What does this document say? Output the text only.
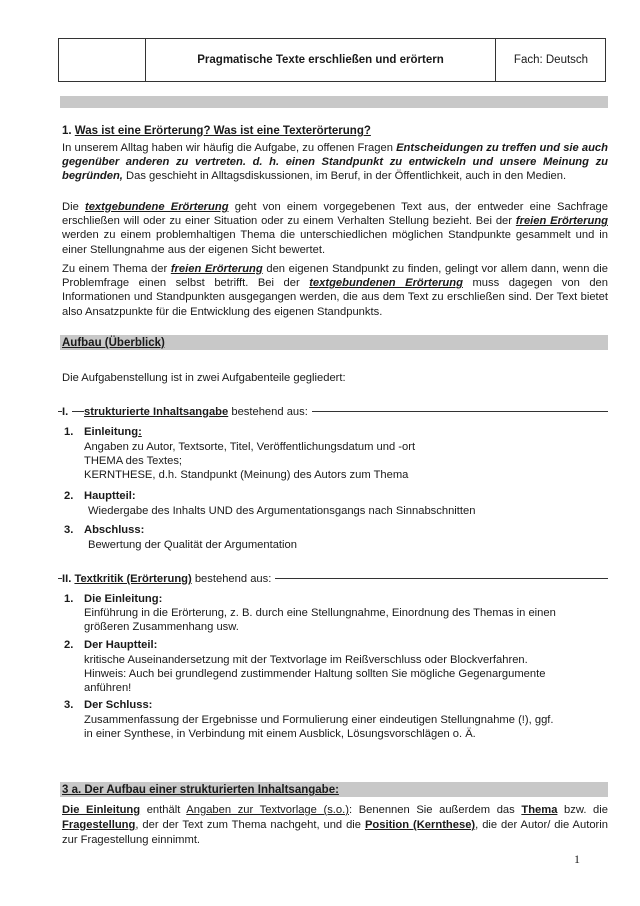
Pragmatische Texte erschließen und erörtern	Fach: Deutsch
1. Was ist eine Erörterung? Was ist eine Texterörterung?

In unserem Alltag haben wir häufig die Aufgabe, zu offenen Fragen Entscheidungen zu treffen und sie auch gegenüber anderen zu vertreten. d. h. einen Standpunkt zu entwickeln und unsere Meinung zu begründen, Das geschieht in Alltagsdiskussionen, im Beruf, in der Öffentlichkeit, auch in den Medien.

Die textgebundene Erörterung geht von einem vorgegebenen Text aus, der entweder eine Sachfrage erschließen will oder zu einer Situation oder zu einem Verhalten Stellung bezieht. Bei der freien Erörterung werden zu einem problemhaltigen Thema die unterschiedlichen möglichen Standpunkte gesammelt und in einer Stellungnahme aus der eigenen Sicht bewertet.

Zu einem Thema der freien Erörterung den eigenen Standpunkt zu finden, gelingt vor allem dann, wenn die Problemfrage einen selbst betrifft. Bei der textgebundenen Erörterung muss dagegen von den Informationen und Standpunkten ausgegangen werden, die aus dem Text zu erschließen sind. Der Text bietet also Ansatzpunkte für die Entwicklung des eigenen Standpunkts.

Aufbau (Überblick)
Die Aufgabenstellung ist in zwei Aufgabenteile gegliedert:
I.	strukturierte Inhaltsangabe bestehend aus:
1. Einleitung:
Angaben zu Autor, Textsorte, Titel, Veröffentlichungsdatum und -ort
THEMA des Textes;
KERNTHESE, d.h. Standpunkt (Meinung) des Autors zum Thema
2. Hauptteil:
Wiedergabe des Inhalts UND des Argumentationsgangs nach Sinnabschnitten
3. Abschluss:
Bewertung der Qualität der Argumentation
II. Textkritik (Erörterung) bestehend aus:
1. Die Einleitung:
Einführung in die Erörterung, z. B. durch eine Stellungnahme, Einordnung des Themas in einen
größeren Zusammenhang usw.
2. Der Hauptteil:
kritische Auseinandersetzung mit der Textvorlage im Reißverschluss oder Blockverfahren.
Hinweis: Auch bei grundlegend zustimmender Haltung sollten Sie mögliche Gegenargumente
anführen!
3. Der Schluss:
Zusammenfassung der Ergebnisse und Formulierung einer eindeutigen Stellungnahme (!), ggf.
in einer Synthese, in Verbindung mit einem Ausblick, Lösungsvorschlägen o. Ä.
3 a. Der Aufbau einer strukturierten Inhaltsangabe:

Die Einleitung enthält Angaben zur Textvorlage (s.o.): Benennen Sie außerdem das Thema bzw. die Fragestellung, der der Text zum Thema nachgeht, und die Position (Kernthese), die der Autor/ die Autorin zur Fragestellung einnimmt.

1
